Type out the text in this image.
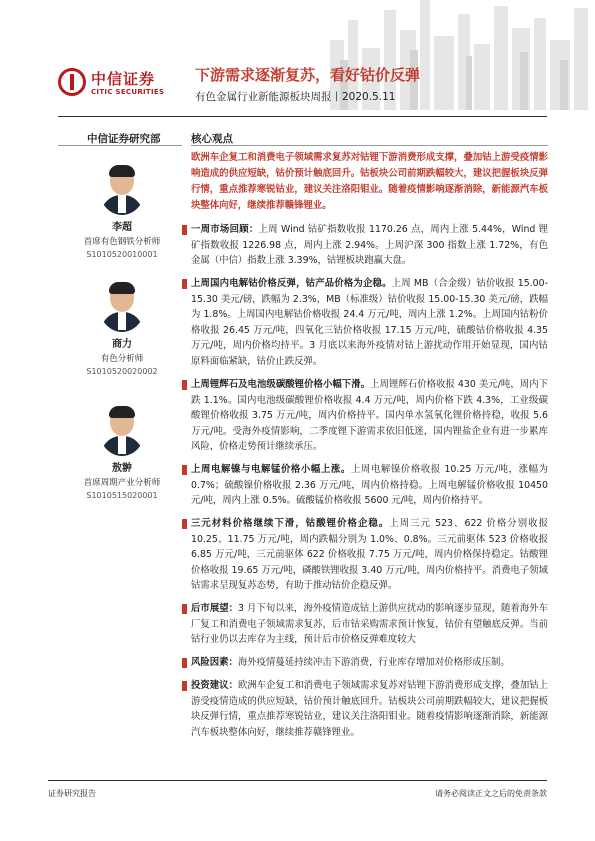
中信证券
CITIC SECURITIES
下游需求逐渐复苏，看好钴价反弹
有色金属行业新能源板块周报丨2020.5.11
中信证券研究部	核心观点
李超
首席有色钢铁分析师
S1010520010001
商力
有色分析师
S1010520020002
敖翀
首席周期产业分析师
S1010515020001
欧洲车企复工和消费电子领域需求复苏对钴锂下游消费形成支撑，叠加钴上游受疫情影响造成的供应短缺，钴价预计触底回升。钴板块公司前期跌幅较大，建议把握板块反弹行情，重点推荐寒锐钴业，建议关注洛阳钼业。随着疫情影响逐渐消除，新能源汽车板块整体向好，继续推荐赣锋锂业。
一周市场回顾：上周 Wind 钴矿指数收报 1170.26 点，周内上涨 5.44%，Wind 锂矿指数收报 1226.98 点，周内上涨 2.94%。上周沪深 300 指数上涨 1.72%，有色金属（中信）指数上涨 3.39%，钴锂板块跑赢大盘。
上周国内电解钴价格反弹，钴产品价格为企稳。上周 MB（合金级）钴价收报 15.00-15.30 美元/磅，跌幅为 2.3%，MB（标准级）钴价收报 15.00-15.30 美元/磅，跌幅为 1.8%。上周国内电解钴价格收报 24.4 万元/吨，周内上涨 1.2%。上周国内钴粉价格收报 26.45 万元/吨，四氧化三钴价格收报 17.15 万元/吨，硫酸钴价格收报 4.35 万元/吨，周内价格均持平。3 月底以来海外疫情对钴上游扰动作用开始显现，国内钴原料面临紧缺，钴价止跌反弹。
上周锂辉石及电池级碳酸锂价格小幅下滑。上周锂辉石价格收报 430 美元/吨，周内下跌 1.1%。国内电池级碳酸锂价格收报 4.4 万元/吨，周内价格下跌 4.3%，工业级碳酸锂价格收报 3.75 万元/吨，周内价格持平。国内单水氢氧化锂价格持稳，收报 5.6 万元/吨。受海外疫情影响，二季度锂下游需求依旧低迷，国内锂盐企业有进一步累库风险，价格走势预计继续承压。
上周电解镍与电解锰价格小幅上涨。上周电解镍价格收报 10.25 万元/吨，涨幅为 0.7%；硫酸镍价格收报 2.36 万元/吨，周内价格持稳。上周电解锰价格收报 10450 元/吨，周内上涨 0.5%。硫酸锰价格收报 5600 元/吨，周内价格持平。
三元材料价格继续下滑，钴酸锂价格企稳。上周三元 523、622 价格分别收报 10.25、11.75 万元/吨，周内跌幅分别为 1.0%、0.8%。三元前驱体 523 价格收报 6.85 万元/吨，三元前驱体 622 价格收报 7.75 万元/吨，周内价格保持稳定。钴酸锂价格收报 19.65 万元/吨，磷酸铁锂收报 3.40 万元/吨，周内价格持平。消费电子领域钴需求呈现复苏态势，有助于推动钴价企稳反弹。
后市展望：3 月下旬以来，海外疫情造成钴上游供应扰动的影响逐步显现，随着海外车厂复工和消费电子领域需求复苏，后市钴采购需求预计恢复，钴价有望触底反弹。当前钴行业仍以去库存为主线，预计后市价格反弹难度较大
风险因素：海外疫情蔓延持续冲击下游消费，行业库存增加对价格形成压制。
投资建议：欧洲车企复工和消费电子领域需求复苏对钴锂下游消费形成支撑，叠加钴上游受疫情造成的供应短缺，钴价预计触底回升。钴板块公司前期跌幅较大，建议把握板块反弹行情，重点推荐寒锐钴业，建议关注洛阳钼业。随着疫情影响逐渐消除，新能源汽车板块整体向好，继续推荐赣锋锂业。
证券研究报告	请务必阅读正文之后的免责条款
